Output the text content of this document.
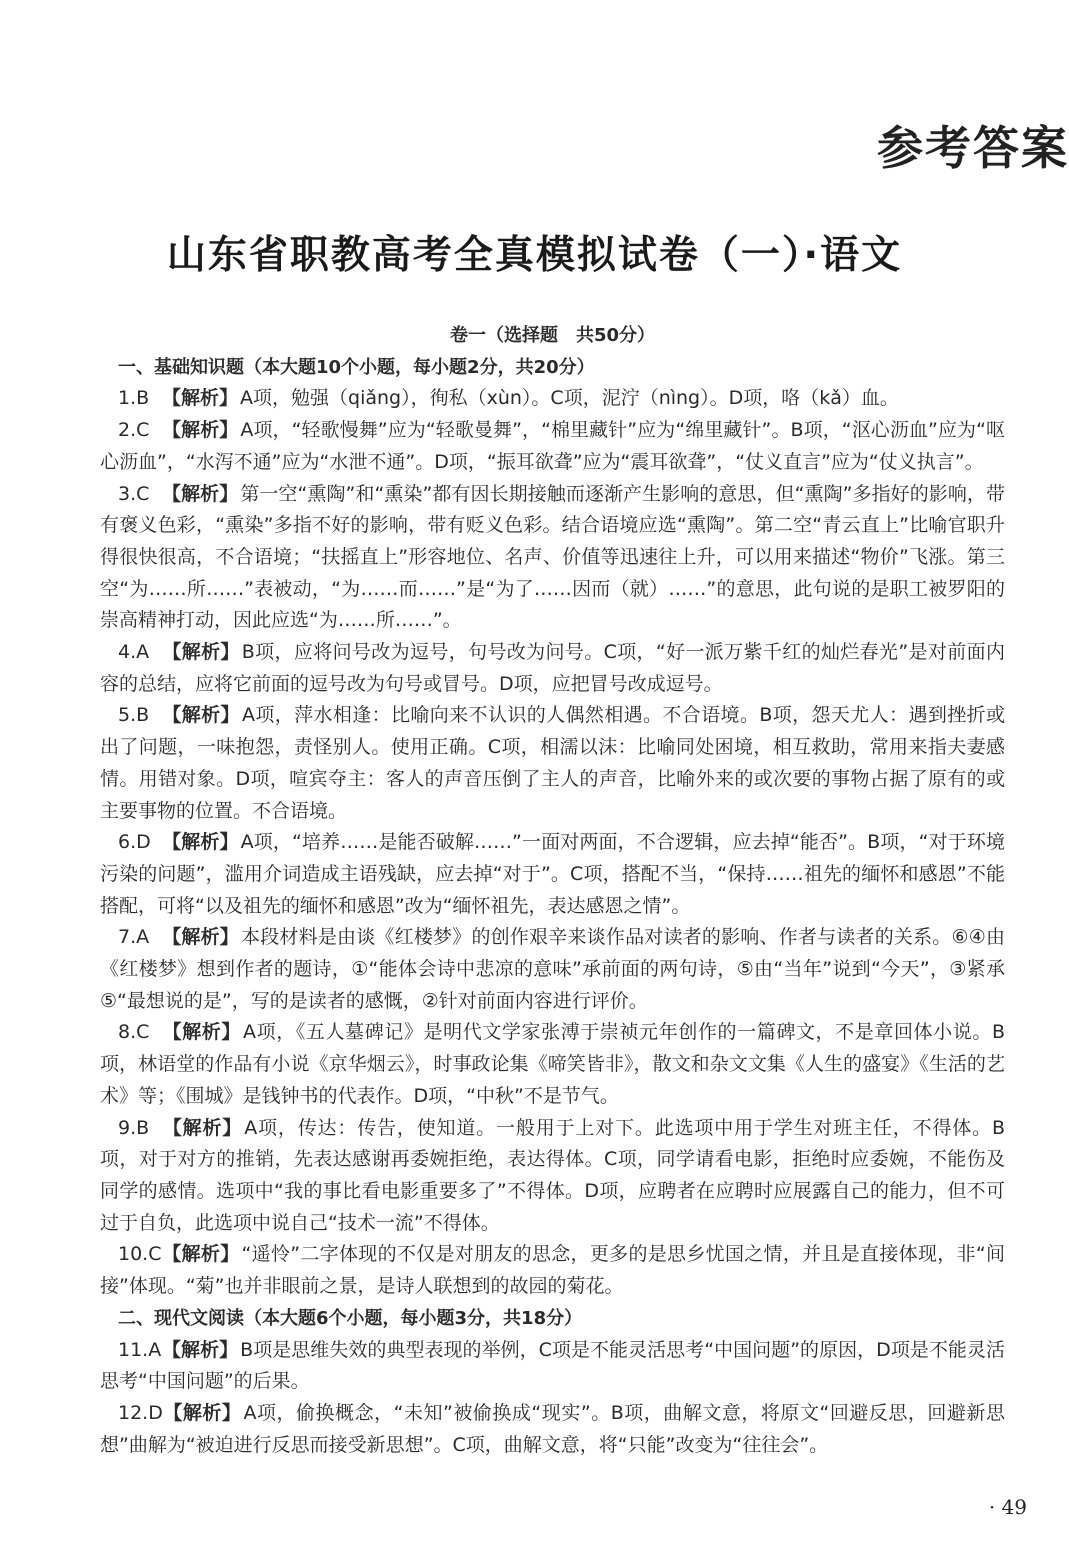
参考答案
山东省职教高考全真模拟试卷（一）·语文
卷一（选择题　共50分）
一、基础知识题（本大题10个小题，每小题2分，共20分）
1.B 【解析】 A项，勉强（qiǎng），徇私（xùn）。C项，泥泞（nìng）。D项，咯（kǎ）血。
2.C 【解析】 A项，“轻歌慢舞”应为“轻歌曼舞”，“棉里藏针”应为“绵里藏针”。B项，“沤心沥血”应为“呕心沥血”，“水泻不通”应为“水泄不通”。D项，“振耳欲聋”应为“震耳欲聋”，“仗义直言”应为“仗义执言”。
3.C 【解析】 第一空“熏陶”和“熏染”都有因长期接触而逐渐产生影响的意思，但“熏陶”多指好的影响，带有褒义色彩，“熏染”多指不好的影响，带有贬义色彩。结合语境应选“熏陶”。第二空“青云直上”比喻官职升得很快很高，不合语境；“扶摇直上”形容地位、名声、价值等迅速往上升，可以用来描述“物价”飞涨。第三空“为……所……”表被动，“为……而……”是“为了……因而（就）……”的意思，此句说的是职工被罗阳的崇高精神打动，因此应选“为……所……”。
4.A 【解析】 B项，应将问号改为逗号，句号改为问号。C项，“好一派万紫千红的灿烂春光”是对前面内容的总结，应将它前面的逗号改为句号或冒号。D项，应把冒号改成逗号。
5.B 【解析】 A项，萍水相逢：比喻向来不认识的人偶然相遇。不合语境。B项，怨天尤人：遇到挫折或出了问题，一味抱怨，责怪别人。使用正确。C项，相濡以沫：比喻同处困境，相互救助，常用来指夫妻感情。用错对象。D项，喧宾夺主：客人的声音压倒了主人的声音，比喻外来的或次要的事物占据了原有的或主要事物的位置。不合语境。
6.D 【解析】 A项，“培养……是能否破解……”一面对两面，不合逻辑，应去掉“能否”。B项，“对于环境污染的问题”，滥用介词造成主语残缺，应去掉“对于”。C项，搭配不当，“保持……祖先的缅怀和感恩”不能搭配，可将“以及祖先的缅怀和感恩”改为“缅怀祖先，表达感恩之情”。
7.A 【解析】 本段材料是由谈《红楼梦》的创作艰辛来谈作品对读者的影响、作者与读者的关系。⑥④由《红楼梦》想到作者的题诗，①“能体会诗中悲凉的意味”承前面的两句诗，⑤由“当年”说到“今天”，③紧承⑤“最想说的是”，写的是读者的感慨，②针对前面内容进行评价。
8.C 【解析】 A项，《五人墓碑记》是明代文学家张溥于崇祯元年创作的一篇碑文，不是章回体小说。B项，林语堂的作品有小说《京华烟云》，时事政论集《啼笑皆非》，散文和杂文文集《人生的盛宴》《生活的艺术》等；《围城》是钱钟书的代表作。D项，“中秋”不是节气。
9.B 【解析】 A项，传达：传告，使知道。一般用于上对下。此选项中用于学生对班主任，不得体。B项，对于对方的推销，先表达感谢再委婉拒绝，表达得体。C项，同学请看电影，拒绝时应委婉，不能伤及同学的感情。选项中“我的事比看电影重要多了”不得体。D项，应聘者在应聘时应展露自己的能力，但不可过于自负，此选项中说自己“技术一流”不得体。
10.C【解析】 “遥怜”二字体现的不仅是对朋友的思念，更多的是思乡忧国之情，并且是直接体现，非“间接”体现。“菊”也并非眼前之景，是诗人联想到的故园的菊花。
二、现代文阅读（本大题6个小题，每小题3分，共18分）
11.A【解析】 B项是思维失效的典型表现的举例，C项是不能灵活思考“中国问题”的原因，D项是不能灵活思考“中国问题”的后果。
12.D【解析】 A项，偷换概念，“未知”被偷换成“现实”。B项，曲解文意，将原文“回避反思，回避新思想”曲解为“被迫进行反思而接受新思想”。C项，曲解文意，将“只能”改变为“往往会”。
· 49
